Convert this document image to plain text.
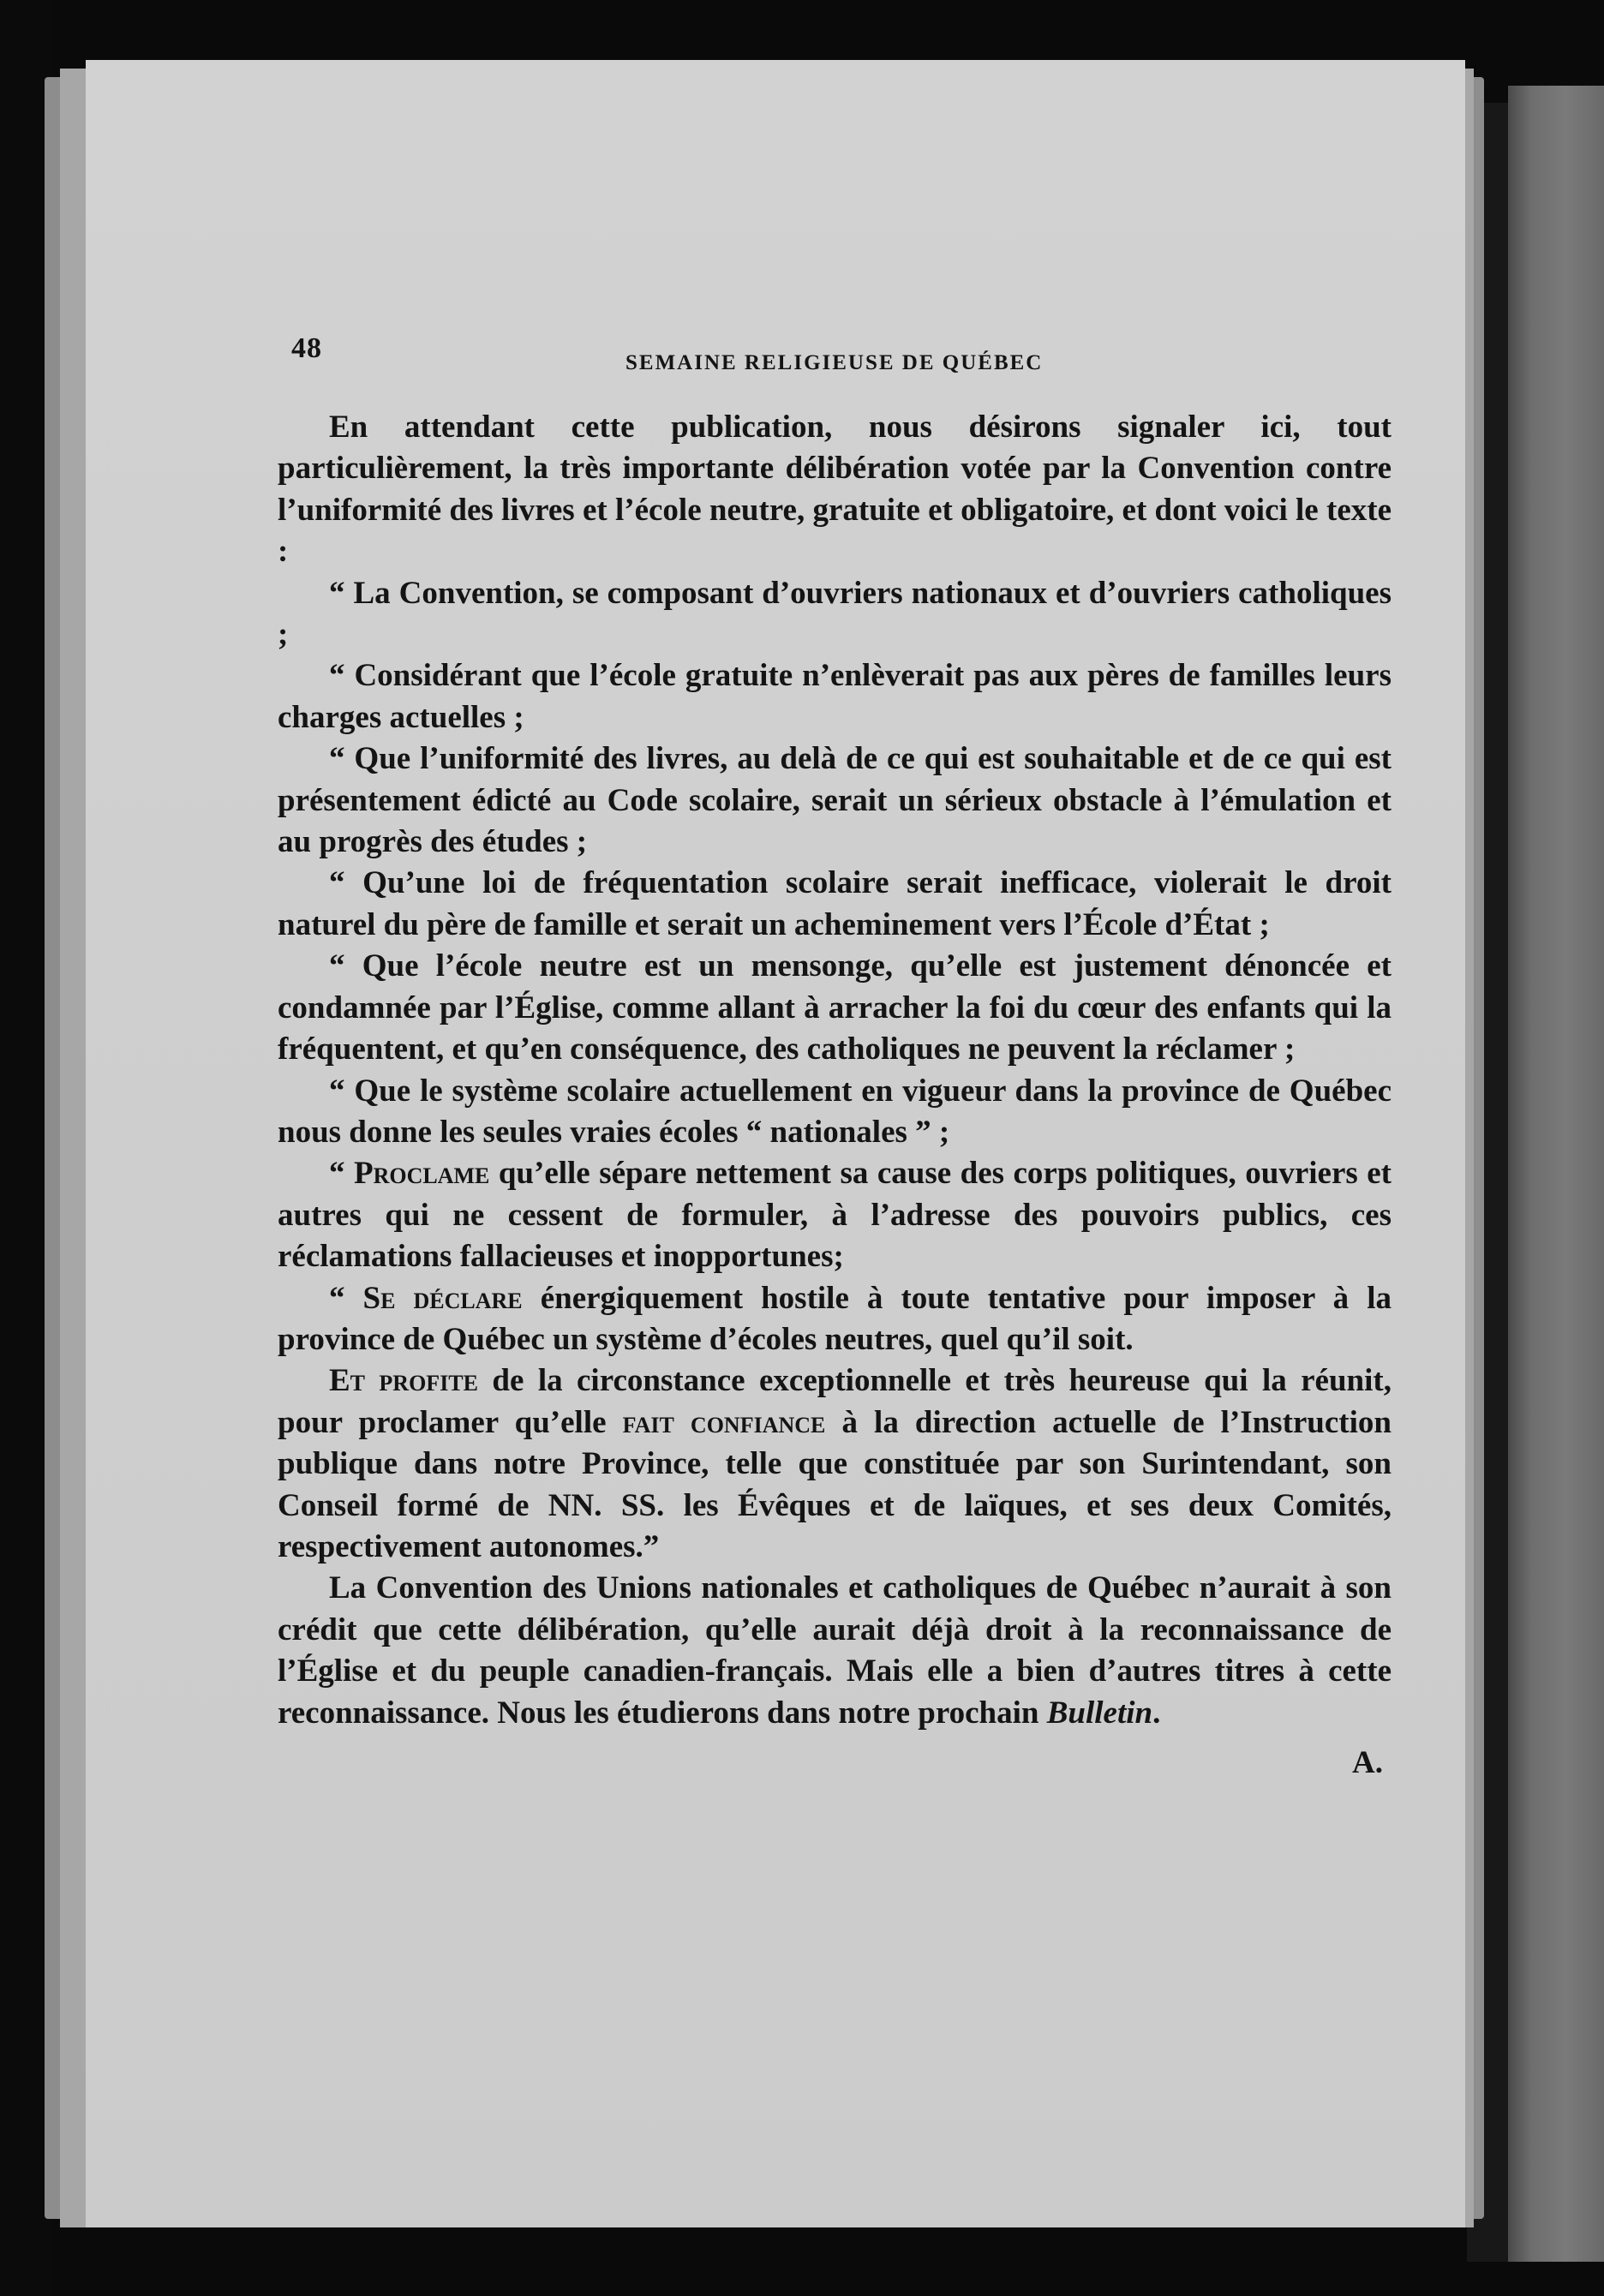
48	SEMAINE RELIGIEUSE DE QUÉBEC

En attendant cette publication, nous désirons signaler ici, tout particulièrement, la très importante délibération votée par la Convention contre l’uniformité des livres et l’école neutre, gratuite et obligatoire, et dont voici le texte :

“ La Convention, se composant d’ouvriers nationaux et d’ouvriers catholiques ;

“ Considérant que l’école gratuite n’enlèverait pas aux pères de familles leurs charges actuelles ;

“ Que l’uniformité des livres, au delà de ce qui est souhaitable et de ce qui est présentement édicté au Code scolaire, serait un sérieux obstacle à l’émulation et au progrès des études ;

“ Qu’une loi de fréquentation scolaire serait inefficace, violerait le droit naturel du père de famille et serait un acheminement vers l’École d’État ;

“ Que l’école neutre est un mensonge, qu’elle est justement dénoncée et condamnée par l’Église, comme allant à arracher la foi du cœur des enfants qui la fréquentent, et qu’en conséquence, des catholiques ne peuvent la réclamer ;

“ Que le système scolaire actuellement en vigueur dans la province de Québec nous donne les seules vraies écoles “ nationales ” ;

“ Proclame qu’elle sépare nettement sa cause des corps politiques, ouvriers et autres qui ne cessent de formuler, à l’adresse des pouvoirs publics, ces réclamations fallacieuses et inopportunes;

“ Se déclare énergiquement hostile à toute tentative pour imposer à la province de Québec un système d’écoles neutres, quel qu’il soit.

Et profite de la circonstance exceptionnelle et très heureuse qui la réunit, pour proclamer qu’elle fait confiance à la direction actuelle de l’Instruction publique dans notre Province, telle que constituée par son Surintendant, son Conseil formé de NN. SS. les Évêques et de laïques, et ses deux Comités, respectivement autonomes.”

La Convention des Unions nationales et catholiques de Québec n’aurait à son crédit que cette délibération, qu’elle aurait déjà droit à la reconnaissance de l’Église et du peuple canadien-français. Mais elle a bien d’autres titres à cette reconnaissance. Nous les étudierons dans notre prochain Bulletin.

A.
